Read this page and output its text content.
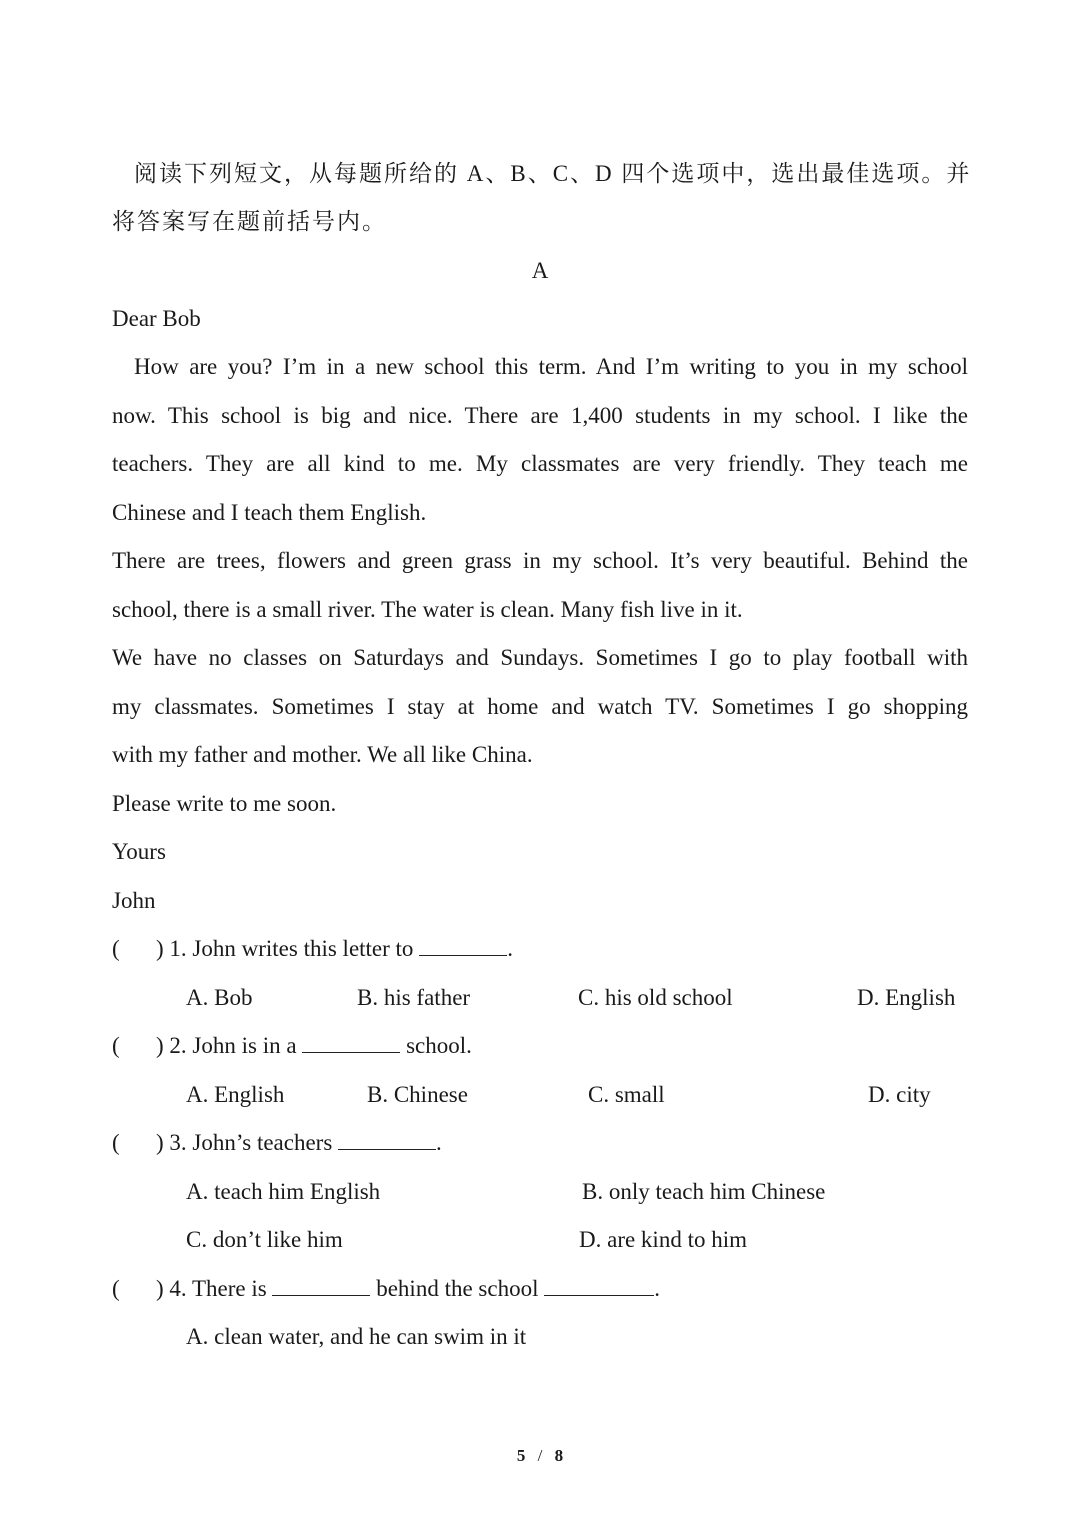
阅读下列短文，从每题所给的 A、B、C、D 四个选项中，选出最佳选项。并
将答案写在题前括号内。
A
Dear Bob
How are you? I’m in a new school this term. And I’m writing to you in my school
now. This school is big and nice. There are 1,400 students in my school. I like the
teachers. They are all kind to me. My classmates are very friendly. They teach me
Chinese and I teach them English.
There are trees, flowers and green grass in my school. It’s very beautiful. Behind the
school, there is a small river. The water is clean. Many fish live in it.
We have no classes on Saturdays and Sundays. Sometimes I go to play football with
my classmates. Sometimes I stay at home and watch TV. Sometimes I go shopping
with my father and mother. We all like China.
Please write to me soon.
Yours
John
( ) 1. John writes this letter to	.
A. Bob	B. his father	C. his old school	D. English
( ) 2. John is in a	school.
A. English	B. Chinese	C. small	D. city
( ) 3. John’s teachers	.
A. teach him English	B. only teach him Chinese
C. don’t like him	D. are kind to him
( ) 4. There is	behind the school	.
A. clean water, and he can swim in it
5 / 8
